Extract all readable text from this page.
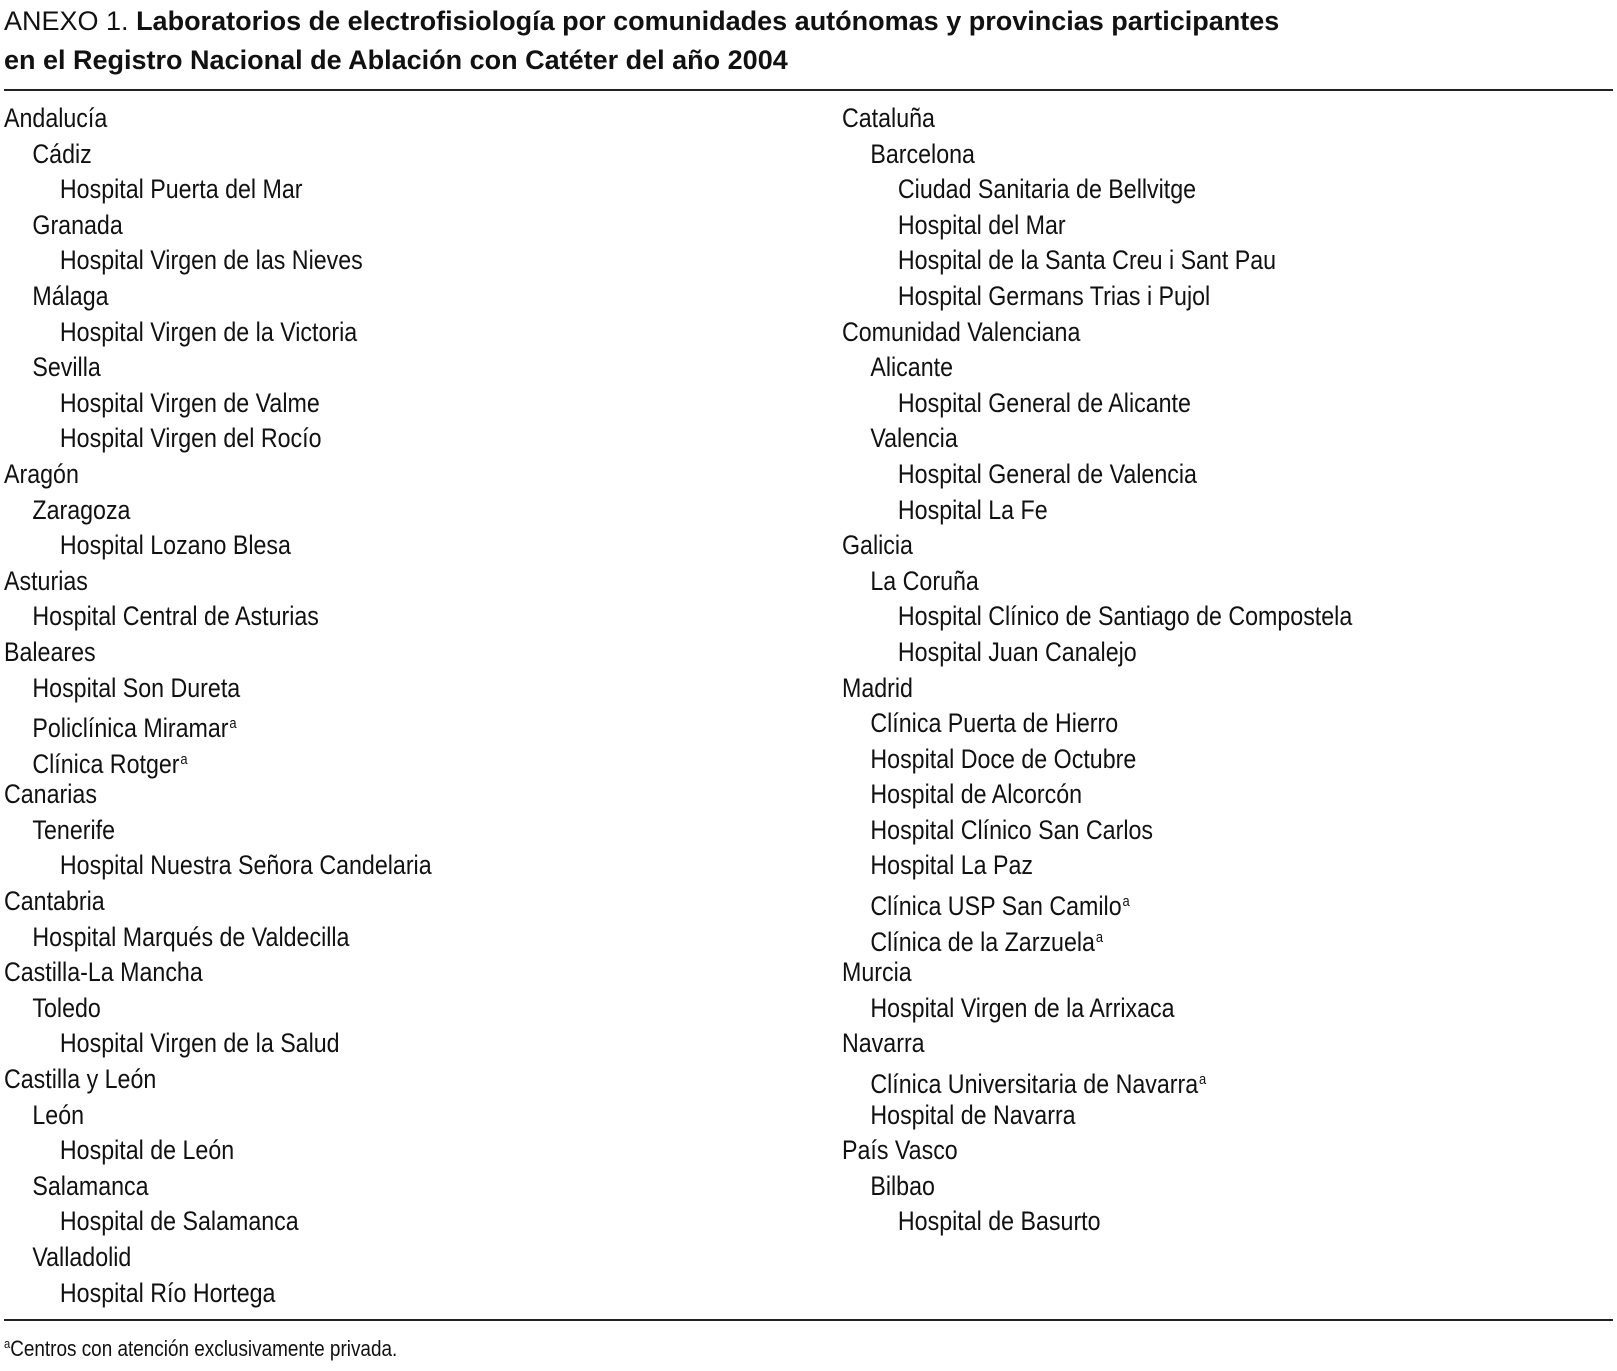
ANEXO 1. Laboratorios de electrofisiología por comunidades autónomas y provincias participantes
en el Registro Nacional de Ablación con Catéter del año 2004
Andalucía
Cádiz
Hospital Puerta del Mar
Granada
Hospital Virgen de las Nieves
Málaga
Hospital Virgen de la Victoria
Sevilla
Hospital Virgen de Valme
Hospital Virgen del Rocío
Aragón
Zaragoza
Hospital Lozano Blesa
Asturias
Hospital Central de Asturias
Baleares
Hospital Son Dureta
Policlínica Miramar$^a$
Clínica Rotger$^a$
Canarias
Tenerife
Hospital Nuestra Señora Candelaria
Cantabria
Hospital Marqués de Valdecilla
Castilla-La Mancha
Toledo
Hospital Virgen de la Salud
Castilla y León
León
Hospital de León
Salamanca
Hospital de Salamanca
Valladolid
Hospital Río Hortega
Cataluña
Barcelona
Ciudad Sanitaria de Bellvitge
Hospital del Mar
Hospital de la Santa Creu i Sant Pau
Hospital Germans Trias i Pujol
Comunidad Valenciana
Alicante
Hospital General de Alicante
Valencia
Hospital General de Valencia
Hospital La Fe
Galicia
La Coruña
Hospital Clínico de Santiago de Compostela
Hospital Juan Canalejo
Madrid
Clínica Puerta de Hierro
Hospital Doce de Octubre
Hospital de Alcorcón
Hospital Clínico San Carlos
Hospital La Paz
Clínica USP San Camilo$^a$
Clínica de la Zarzuela$^a$
Murcia
Hospital Virgen de la Arrixaca
Navarra
Clínica Universitaria de Navarra$^a$
Hospital de Navarra
País Vasco
Bilbao
Hospital de Basurto
$^a$Centros con atención exclusivamente privada.
